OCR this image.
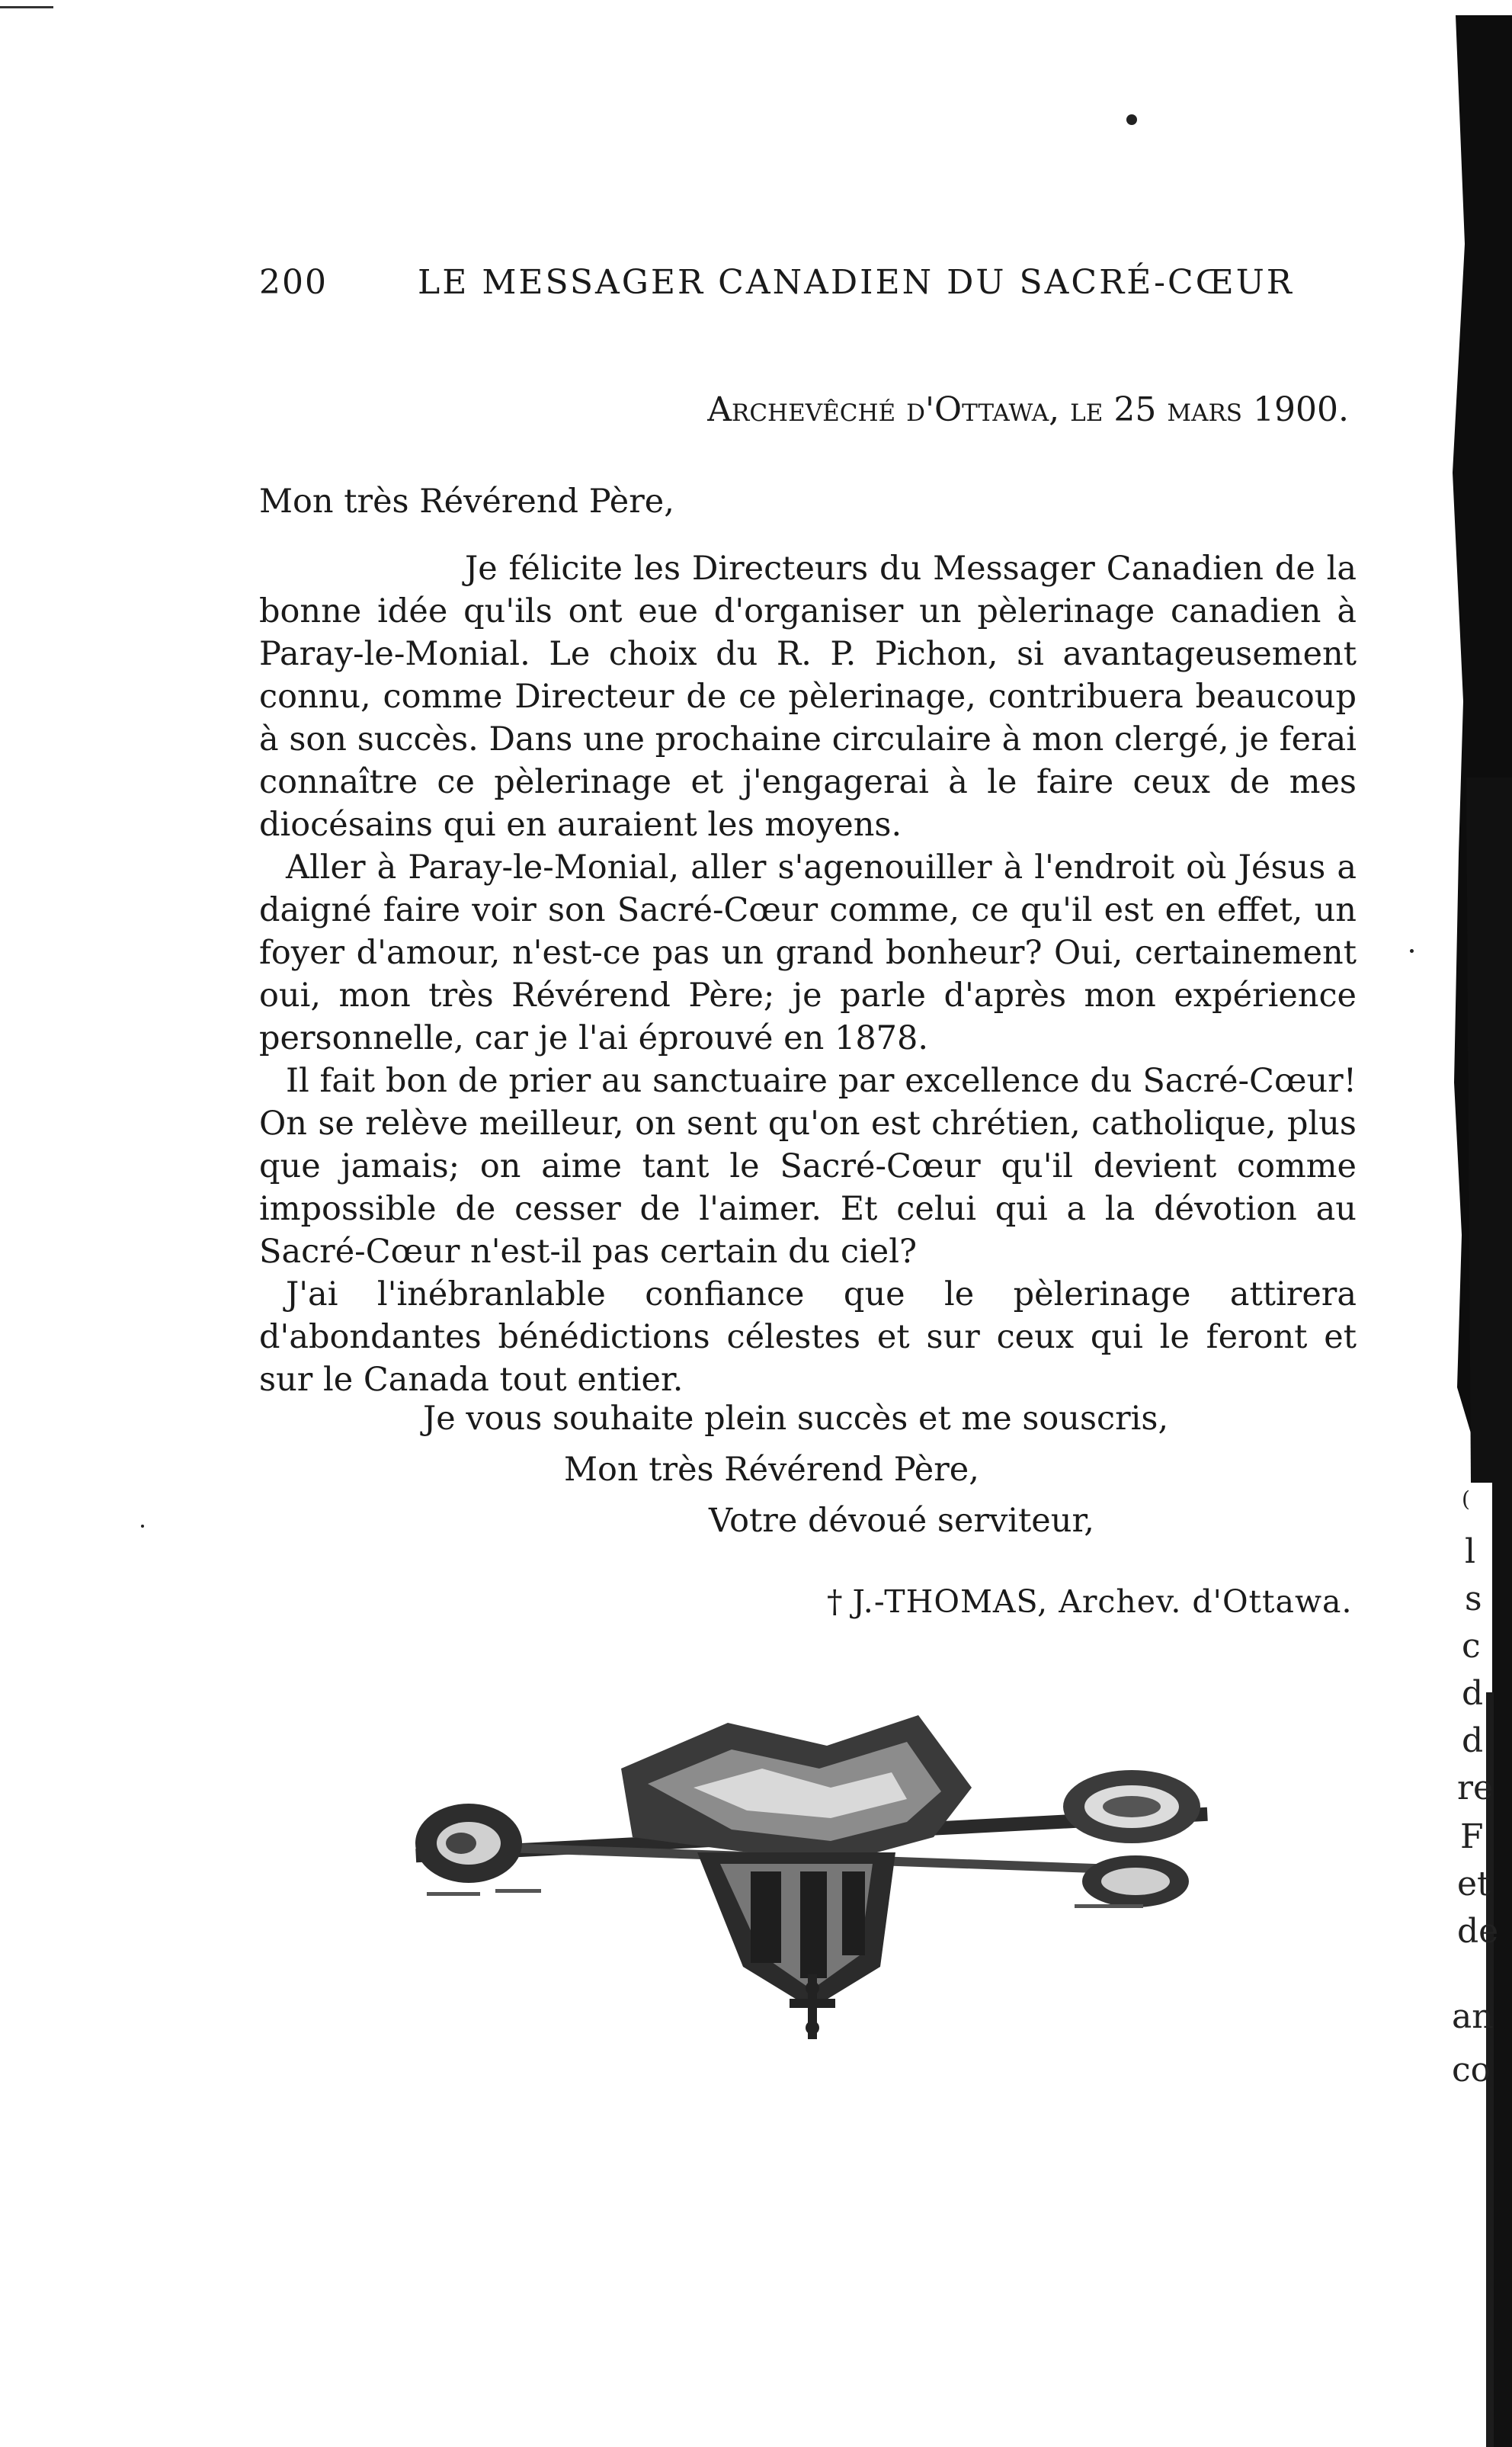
200	LE MESSAGER CANADIEN DU SACRÉ-CŒUR
Archevêché d'Ottawa, le 25 mars 1900.
Mon très Révérend Père,

Je félicite les Directeurs du Messager Canadien de la bonne idée qu'ils ont eue d'organiser un pèlerinage canadien à Paray-le-Monial. Le choix du R. P. Pichon, si avantageusement connu, comme Directeur de ce pèlerinage, contribuera beaucoup à son succès. Dans une prochaine circulaire à mon clergé, je ferai connaître ce pèlerinage et j'engagerai à le faire ceux de mes diocésains qui en auraient les moyens.

Aller à Paray-le-Monial, aller s'agenouiller à l'endroit où Jésus a daigné faire voir son Sacré-Cœur comme, ce qu'il est en effet, un foyer d'amour, n'est-ce pas un grand bonheur? Oui, certainement oui, mon très Révérend Père; je parle d'après mon expérience personnelle, car je l'ai éprouvé en 1878.

Il fait bon de prier au sanctuaire par excellence du Sacré-Cœur! On se relève meilleur, on sent qu'on est chrétien, catholique, plus que jamais; on aime tant le Sacré-Cœur qu'il devient comme impossible de cesser de l'aimer. Et celui qui a la dévotion au Sacré-Cœur n'est-il pas certain du ciel?

J'ai l'inébranlable confiance que le pèlerinage attirera d'abondantes bénédictions célestes et sur ceux qui le feront et sur le Canada tout entier.

Je vous souhaite plein succès et me souscris,
Mon très Révérend Père,
Votre dévoué serviteur,
† J.-THOMAS, Archev. d'Ottawa.
(
l
s
c
d
d
re
F
et
de
an
co
